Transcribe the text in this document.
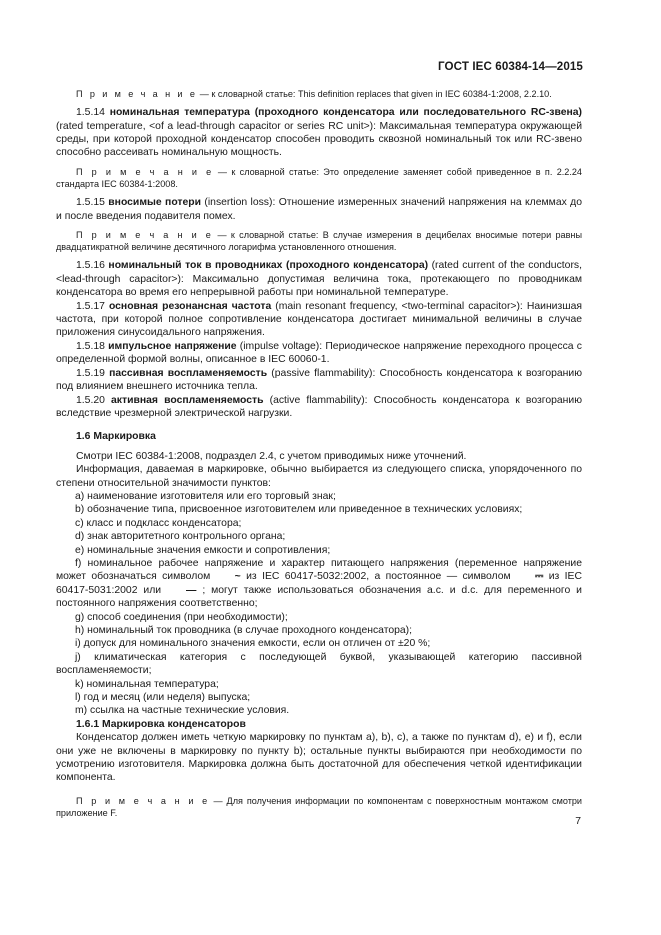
ГОСТ IEC 60384-14—2015

П р и м е ч а н и е — к словарной статье: This definition replaces that given in IEC 60384-1:2008, 2.2.10.

1.5.14 номинальная температура (проходного конденсатора или последовательного RC-звена) (rated temperature, <of a lead-through capacitor or series RC unit>): Максимальная температура окружающей среды, при которой проходной конденсатор способен проводить сквозной номинальный ток или RC-звено способно рассеивать номинальную мощность.

П р и м е ч а н и е — к словарной статье: Это определение заменяет собой приведенное в п. 2.2.24 стандарта IEC 60384-1:2008.

1.5.15 вносимые потери (insertion loss): Отношение измеренных значений напряжения на клеммах до и после введения подавителя помех.

П р и м е ч а н и е — к словарной статье: В случае измерения в децибелах вносимые потери равны двадцатикратной величине десятичного логарифма установленного отношения.

1.5.16 номинальный ток в проводниках (проходного конденсатора) (rated current of the conductors, <lead-through capacitor>): Максимально допустимая величина тока, протекающего по проводникам конденсатора во время его непрерывной работы при номинальной температуре.

1.5.17 основная резонансная частота (main resonant frequency, <two-terminal capacitor>): Наинизшая частота, при которой полное сопротивление конденсатора достигает минимальной величины в случае приложения синусоидального напряжения.

1.5.18 импульсное напряжение (impulse voltage): Периодическое напряжение переходного процесса с определенной формой волны, описанное в IEC 60060-1.

1.5.19 пассивная воспламеняемость (passive flammability): Способность конденсатора к возгоранию под влиянием внешнего источника тепла.

1.5.20 активная воспламеняемость (active flammability): Способность конденсатора к возгоранию вследствие чрезмерной электрической нагрузки.

1.6 Маркировка

Смотри IEC 60384-1:2008, подраздел 2.4, с учетом приводимых ниже уточнений.

Информация, даваемая в маркировке, обычно выбирается из следующего списка, упорядоченного по степени относительной значимости пунктов:

a) наименование изготовителя или его торговый знак;

b) обозначение типа, присвоенное изготовителем или приведенное в технических условиях;

c) класс и подкласс конденсатора;

d) знак авторитетного контрольного органа;

e) номинальные значения емкости и сопротивления;

f) номинальное рабочее напряжение и характер питающего напряжения (переменное напряжение может обозначаться символом ~ из IEC 60417-5032:2002, а постоянное — символом ⎓ из IEC 60417-5031:2002 или — ; могут также использоваться обозначения a.c. и d.c. для переменного и постоянного напряжения соответственно;

g) способ соединения (при необходимости);

h) номинальный ток проводника (в случае проходного конденсатора);

i) допуск для номинального значения емкости, если он отличен от ±20 %;

j) климатическая категория с последующей буквой, указывающей категорию пассивной воспламеняемости;

k) номинальная температура;

l) год и месяц (или неделя) выпуска;

m) ссылка на частные технические условия.

1.6.1 Маркировка конденсаторов

Конденсатор должен иметь четкую маркировку по пунктам a), b), c), а также по пунктам d), e) и f), если они уже не включены в маркировку по пункту b); остальные пункты выбираются при необходимости по усмотрению изготовителя. Маркировка должна быть достаточной для обеспечения четкой идентификации компонента.

П р и м е ч а н и е — Для получения информации по компонентам с поверхностным монтажом смотри приложение F.

7
